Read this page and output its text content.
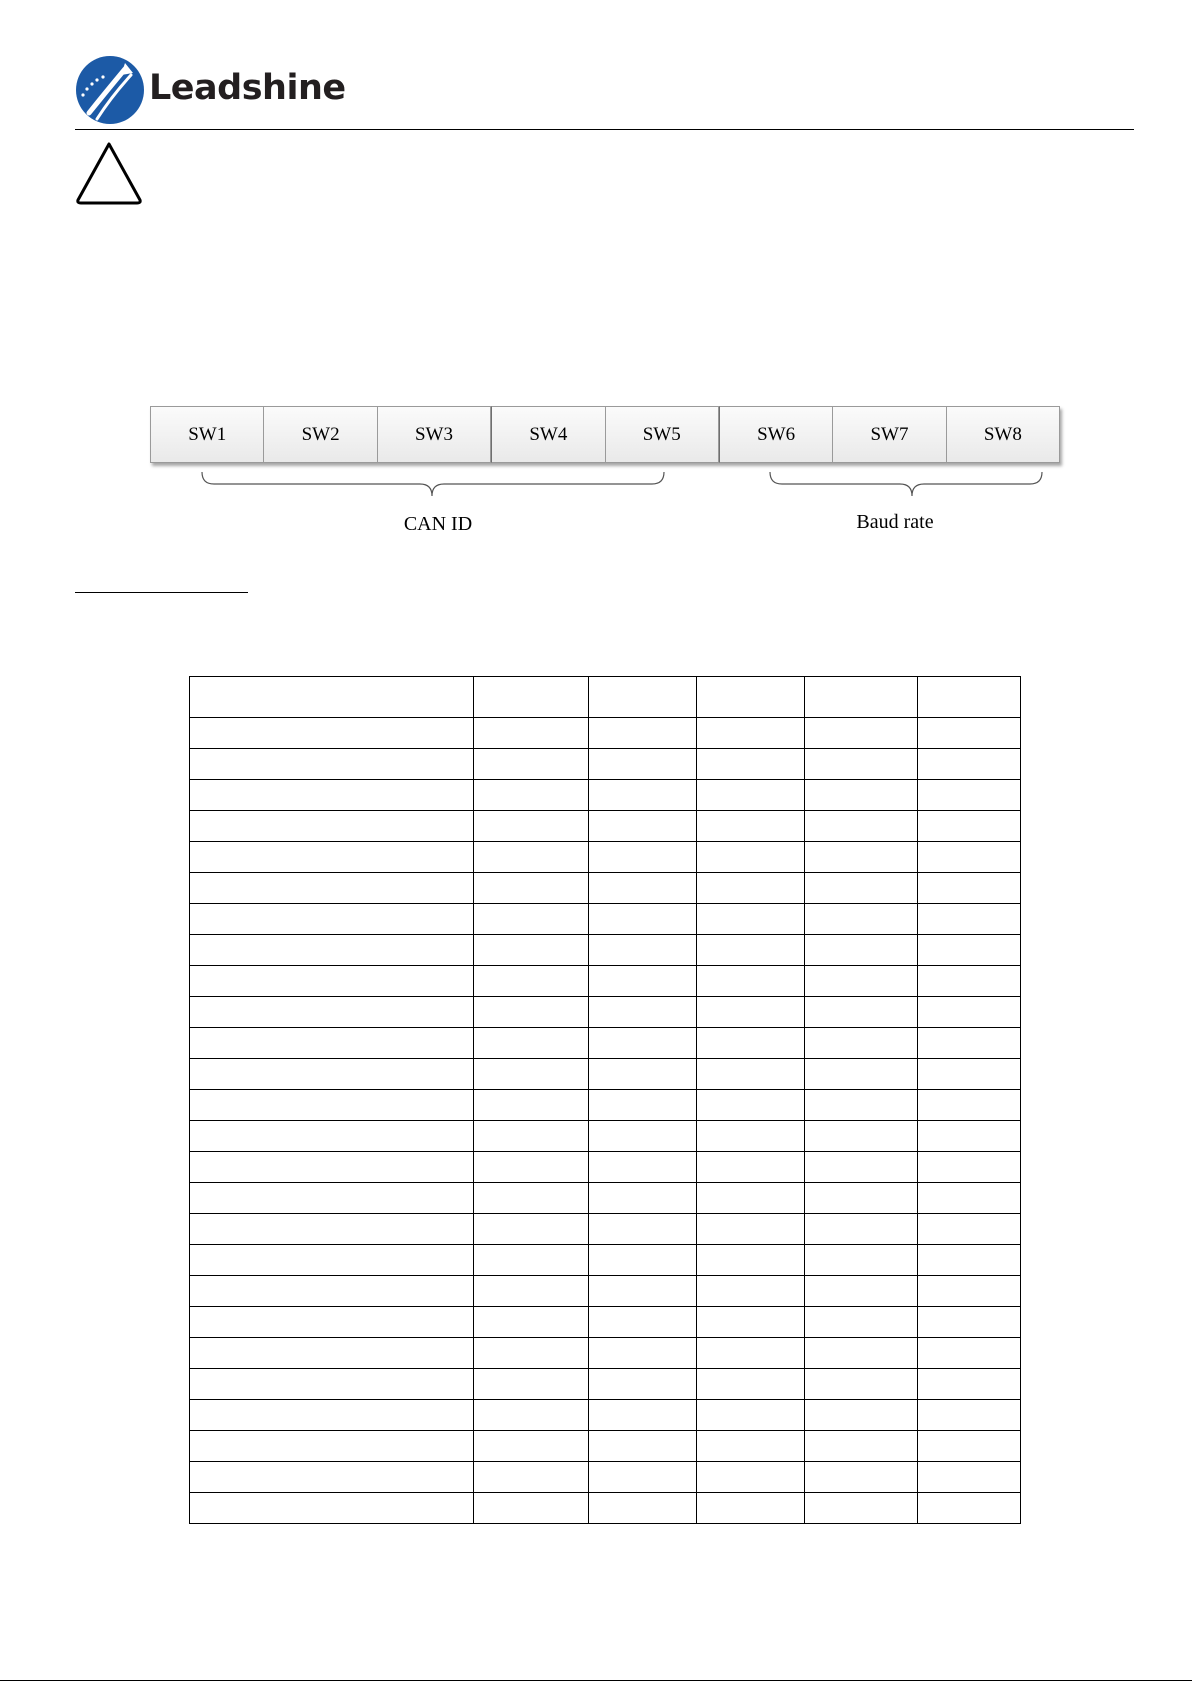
Leadshine
SW1	SW2	SW3	SW4	SW5	SW6	SW7	SW8
CAN ID	Baud rate
